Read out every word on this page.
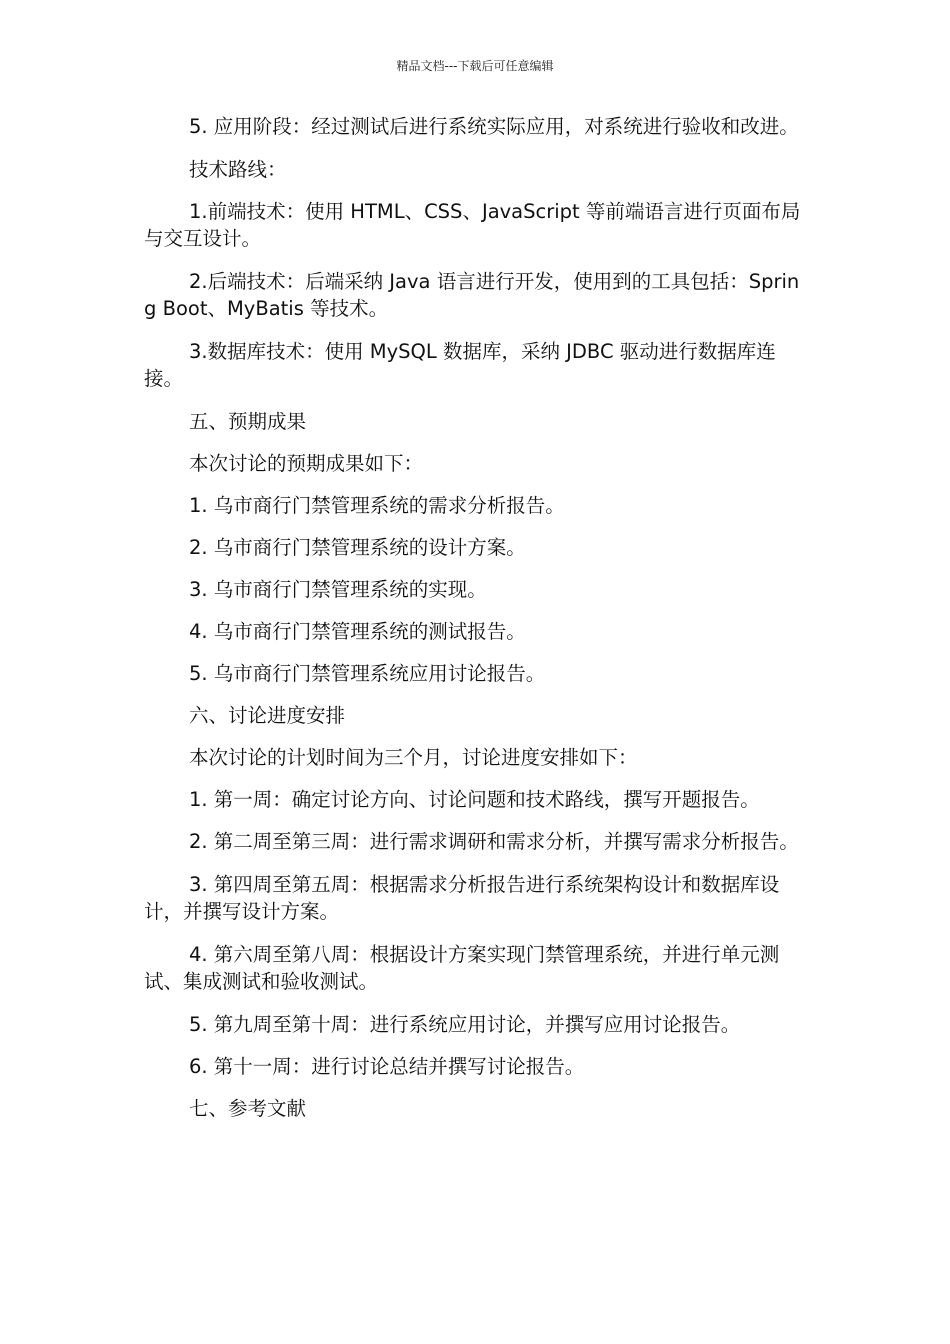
精品文档---下载后可任意编辑

5. 应用阶段：经过测试后进行系统实际应用，对系统进行验收和改进。

技术路线：

1.前端技术：使用 HTML、CSS、JavaScript 等前端语言进行页面布局与交互设计。

2.后端技术：后端采纳 Java 语言进行开发，使用到的工具包括：Spring Boot、MyBatis 等技术。

3.数据库技术：使用 MySQL 数据库，采纳 JDBC 驱动进行数据库连接。

五、预期成果

本次讨论的预期成果如下：

1. 乌市商行门禁管理系统的需求分析报告。

2. 乌市商行门禁管理系统的设计方案。

3. 乌市商行门禁管理系统的实现。

4. 乌市商行门禁管理系统的测试报告。

5. 乌市商行门禁管理系统应用讨论报告。

六、讨论进度安排

本次讨论的计划时间为三个月，讨论进度安排如下：

1. 第一周：确定讨论方向、讨论问题和技术路线，撰写开题报告。

2. 第二周至第三周：进行需求调研和需求分析，并撰写需求分析报告。

3. 第四周至第五周：根据需求分析报告进行系统架构设计和数据库设计，并撰写设计方案。

4. 第六周至第八周：根据设计方案实现门禁管理系统，并进行单元测试、集成测试和验收测试。

5. 第九周至第十周：进行系统应用讨论，并撰写应用讨论报告。

6. 第十一周：进行讨论总结并撰写讨论报告。

七、参考文献
